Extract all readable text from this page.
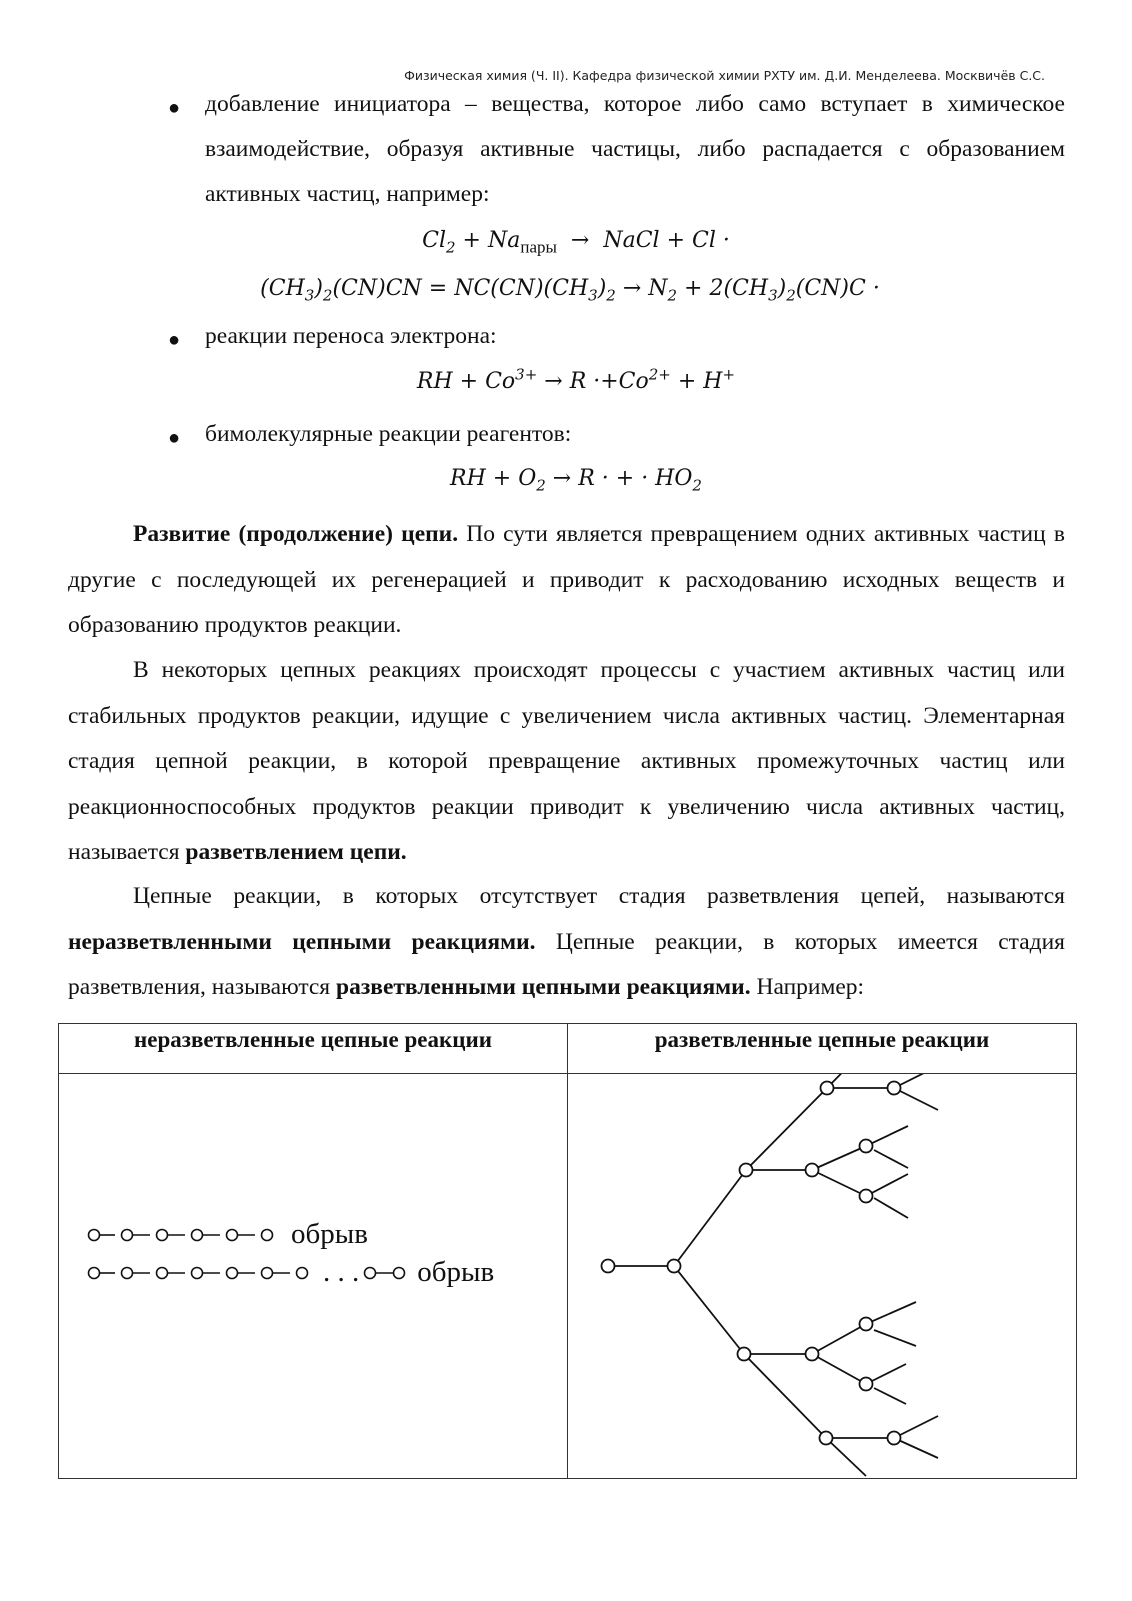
Физическая химия (Ч. II). Кафедра физической химии РХТУ им. Д.И. Менделеева. Москвичёв С.С.
● добавление инициатора – вещества, которое либо само вступает в химическое взаимодействие, образуя активные частицы, либо распадается с образованием активных частиц, например:
$Cl_2 + Na_{пары}$  →  NaCl + Cl ·
$(CH_3)_2(CN)CN = NC(CN)(CH_3)_2 \to N_2 + 2(CH_3)_2(CN)C$ ·
● реакции переноса электрона:
RH + $Co^{3+} \to R \cdot+Co^{2+} + H^+$
● бимолекулярные реакции реагентов:
RH + $O_2 \to R$ · + · $HO_2$
Развитие (продолжение) цепи. По сути является превращением одних активных частиц в другие с последующей их регенерацией и приводит к расходованию исходных веществ и образованию продуктов реакции.
В некоторых цепных реакциях происходят процессы с участием активных частиц или стабильных продуктов реакции, идущие с увеличением числа активных частиц. Элементарная стадия цепной реакции, в которой превращение активных промежуточных частиц или реакционноспособных продуктов реакции приводит к увеличению числа активных частиц, называется разветвлением цепи.
Цепные реакции, в которых отсутствует стадия разветвления цепей, называются неразветвленными цепными реакциями. Цепные реакции, в которых имеется стадия разветвления, называются разветвленными цепными реакциями. Например:
неразветвленные цепные реакции	разветвленные цепные реакции

обрыв
. . . обрыв
